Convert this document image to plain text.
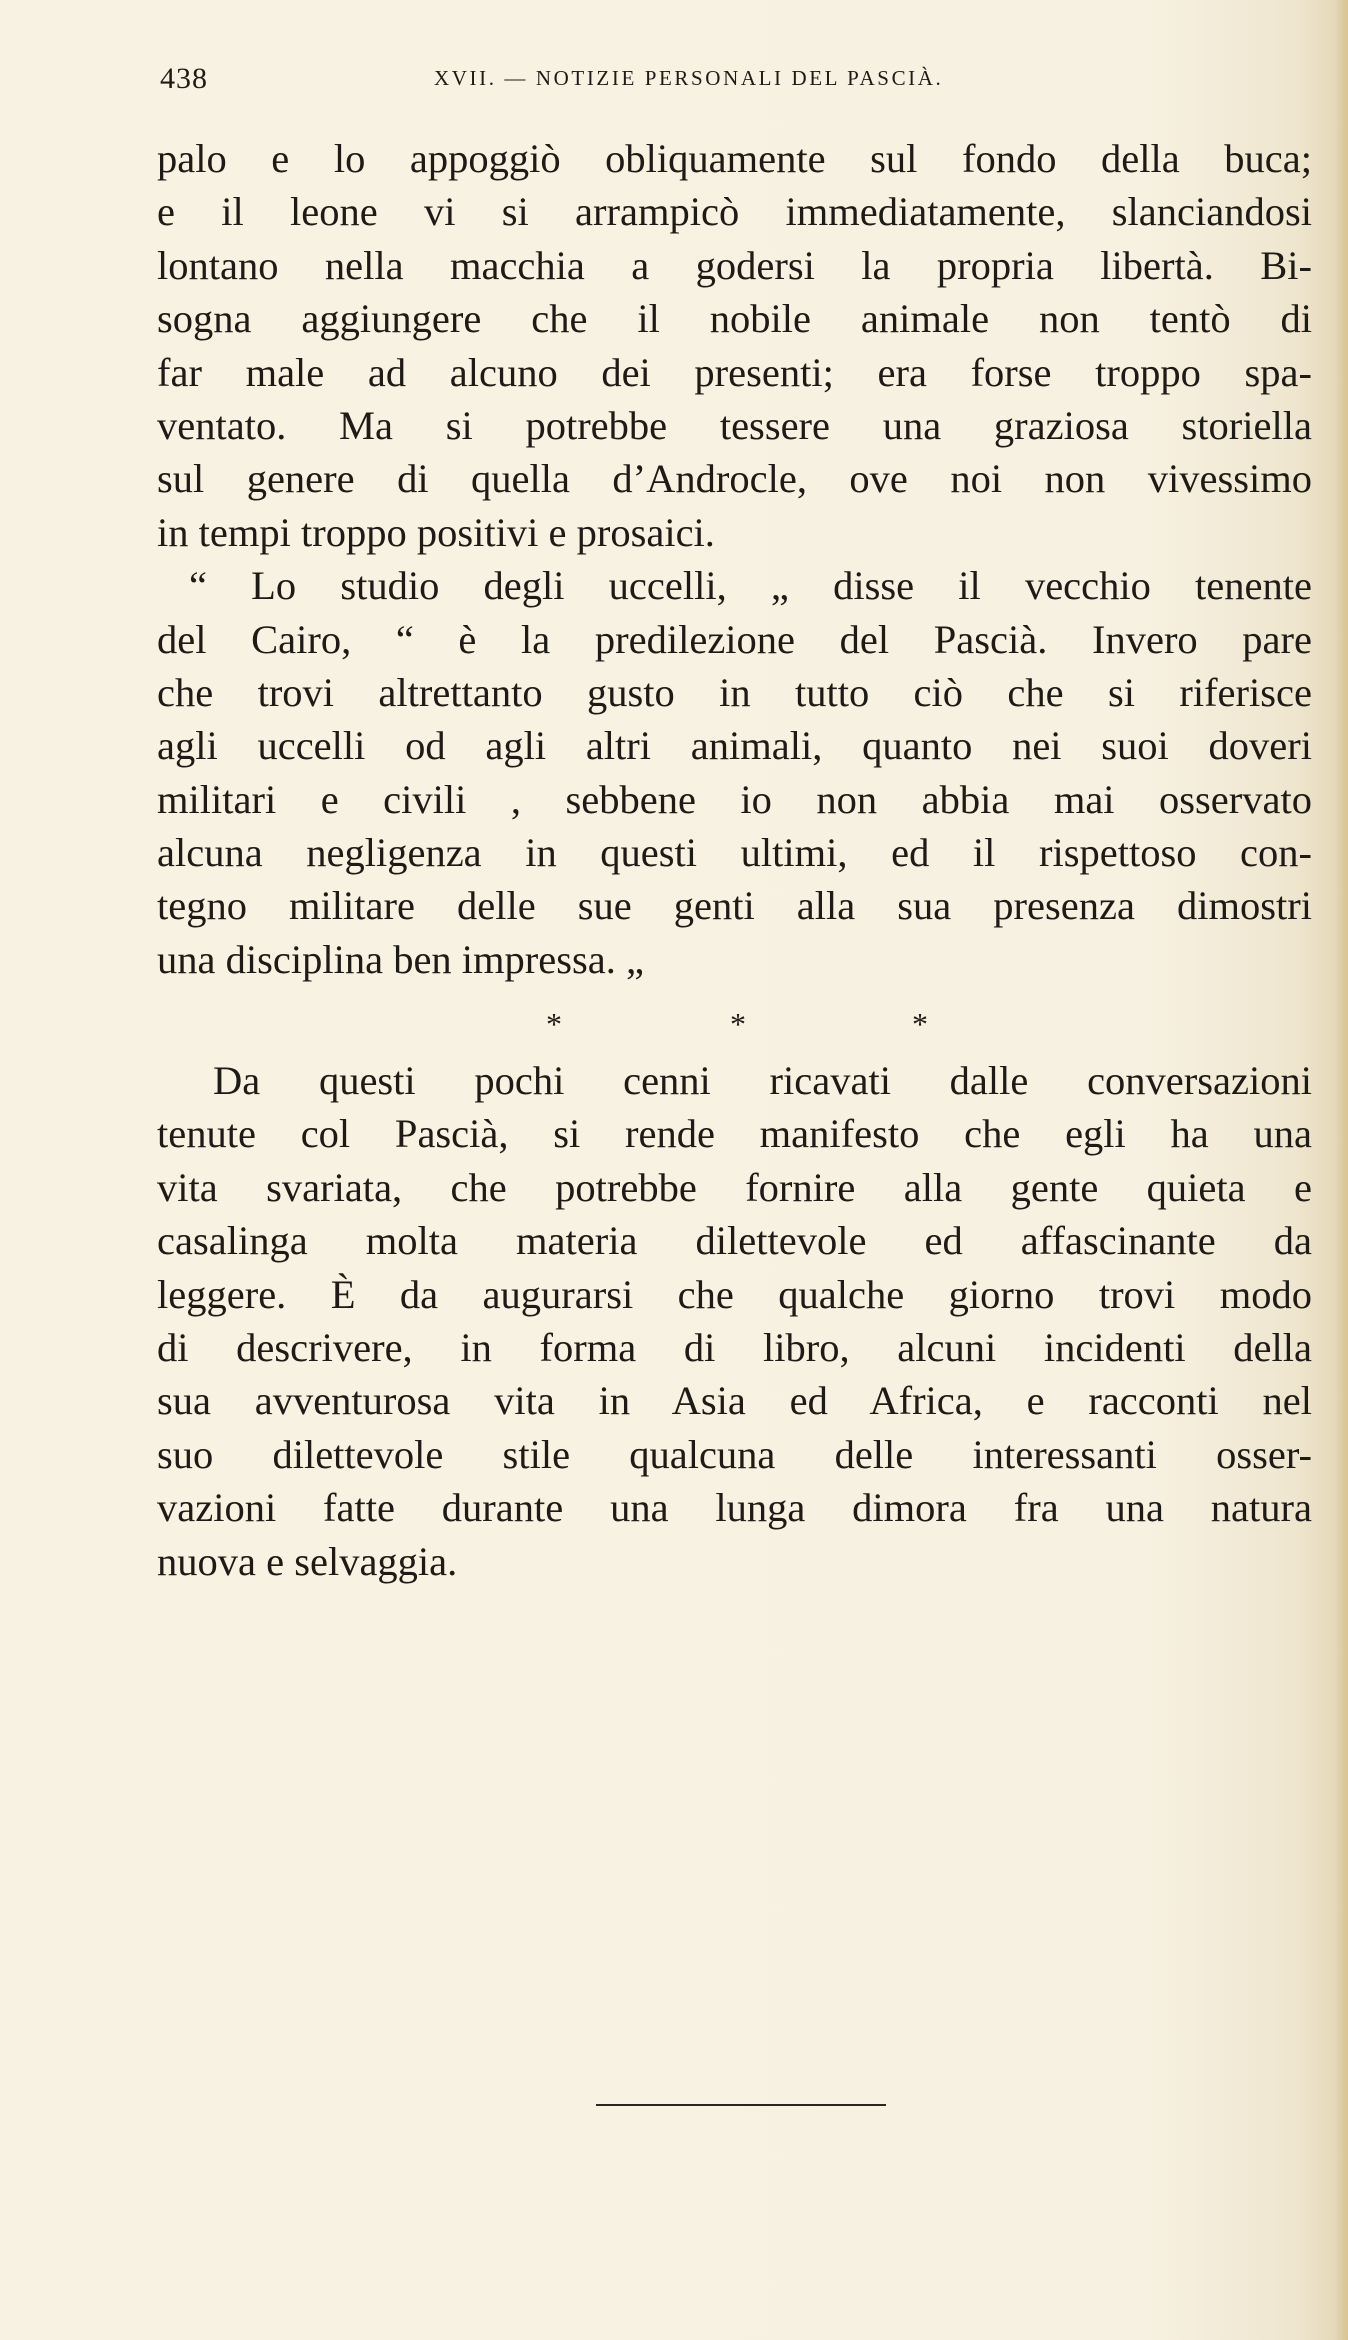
438	XVII. — NOTIZIE PERSONALI DEL PASCIÀ.
palo e lo appoggiò obliquamente sul fondo della buca;
e il leone vi si arrampicò immediatamente, slanciandosi
lontano nella macchia a godersi la propria libertà. Bi-
sogna aggiungere che il nobile animale non tentò di
far male ad alcuno dei presenti; era forse troppo spa-
ventato. Ma si potrebbe tessere una graziosa storiella
sul genere di quella d’Androcle, ove noi non vivessimo
in tempi troppo positivi e prosaici.
“ Lo studio degli uccelli, „ disse il vecchio tenente
del Cairo, “ è la predilezione del Pascià. Invero pare
che trovi altrettanto gusto in tutto ciò che si riferisce
agli uccelli od agli altri animali, quanto nei suoi doveri
militari e civili , sebbene io non abbia mai osservato
alcuna negligenza in questi ultimi, ed il rispettoso con-
tegno militare delle sue genti alla sua presenza dimostri
una disciplina ben impressa. „
*	*	*
Da questi pochi cenni ricavati dalle conversazioni
tenute col Pascià, si rende manifesto che egli ha una
vita svariata, che potrebbe fornire alla gente quieta e
casalinga molta materia dilettevole ed affascinante da
leggere. È da augurarsi che qualche giorno trovi modo
di descrivere, in forma di libro, alcuni incidenti della
sua avventurosa vita in Asia ed Africa, e racconti nel
suo dilettevole stile qualcuna delle interessanti osser-
vazioni fatte durante una lunga dimora fra una natura
nuova e selvaggia.
